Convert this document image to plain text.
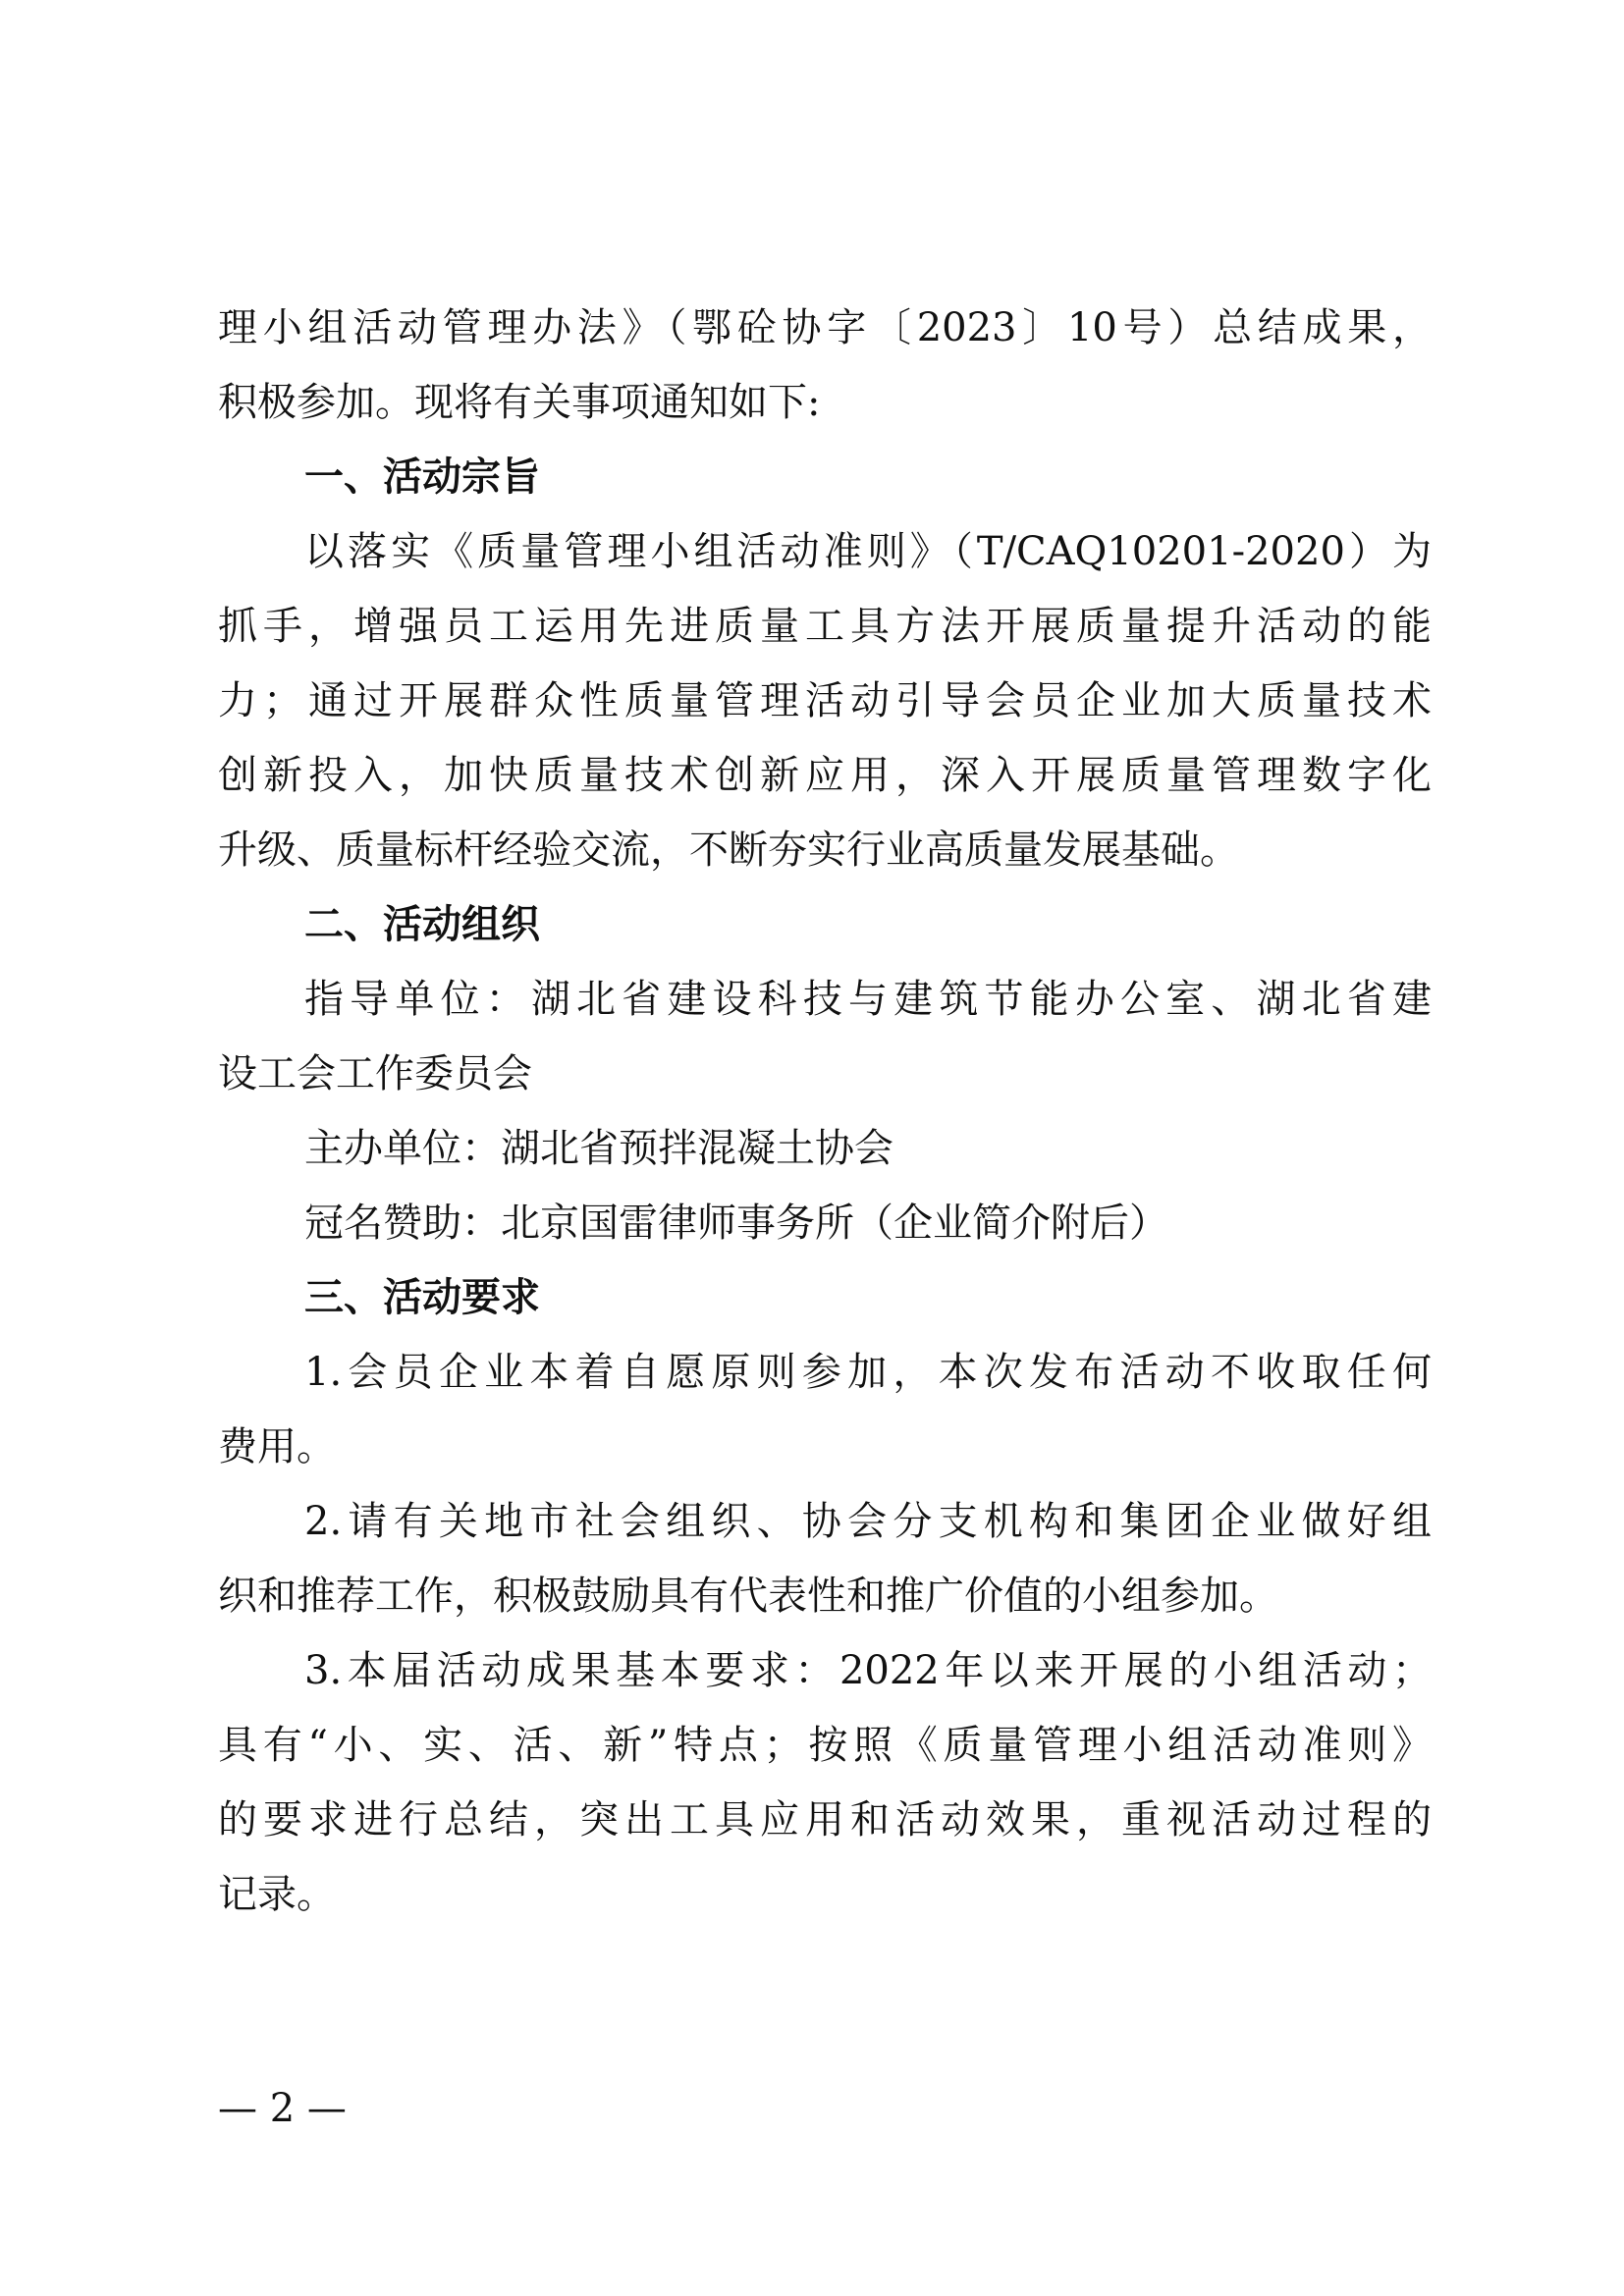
理小组活动管理办法》（鄂砼协字〔2023〕10号）总结成果，
积极参加。现将有关事项通知如下:
一、活动宗旨
以落实《质量管理小组活动准则》（T/CAQ10201-2020）为
抓手，增强员工运用先进质量工具方法开展质量提升活动的能
力；通过开展群众性质量管理活动引导会员企业加大质量技术
创新投入，加快质量技术创新应用，深入开展质量管理数字化
升级、质量标杆经验交流，不断夯实行业高质量发展基础。
二、活动组织
指导单位：湖北省建设科技与建筑节能办公室、湖北省建
设工会工作委员会
主办单位：湖北省预拌混凝土协会
冠名赞助：北京国雷律师事务所（企业简介附后）
三、活动要求
1.会员企业本着自愿原则参加，本次发布活动不收取任何
费用。
2.请有关地市社会组织、协会分支机构和集团企业做好组
织和推荐工作，积极鼓励具有代表性和推广价值的小组参加。
3.本届活动成果基本要求：2022年以来开展的小组活动；
具有“小、实、活、新”特点；按照《质量管理小组活动准则》
的要求进行总结，突出工具应用和活动效果，重视活动过程的
记录。
— 2 —
